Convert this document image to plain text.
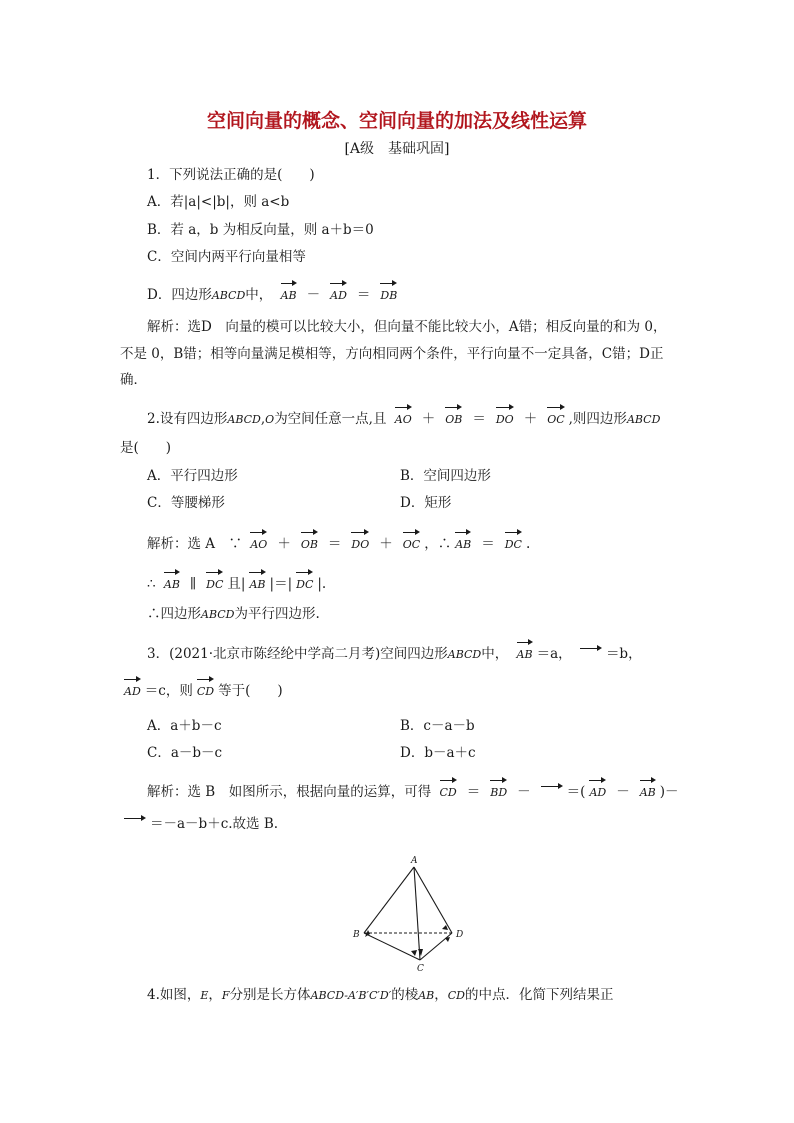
空间向量的概念、空间向量的加法及线性运算
[A级　基础巩固]
1．下列说法正确的是(　　)
A．若|a|<|b|，则 a<b
B．若 a，b 为相反向量，则 a＋b＝0
C．空间内两平行向量相等
D．四边形ABCD中， AB － AD ＝ DB
解析：选D　向量的模可以比较大小，但向量不能比较大小，A错；相反向量的和为 0，
不是 0，B错；相等向量满足模相等，方向相同两个条件，平行向量不一定具备，C错；D正
确．
2.设有四边形ABCD,O为空间任意一点,且 AO ＋ OB ＝ DO ＋ OC ,则四边形ABCD
是(　　)
A．平行四边形	B．空间四边形
C．等腰梯形	D．矩形
解析：选 A　∵ AO ＋ OB ＝ DO ＋ OC ，∴ AB ＝ DC .
∴ AB ∥ DC 且| AB |＝| DC |.
∴四边形ABCD为平行四边形.
3．(2021·北京市陈经纶中学高二月考)空间四边形ABCD中， AB ＝a，	＝b，
AD ＝c，则 CD 等于(　　)
A．a＋b－c	B．c－a－b
C．a－b－c	D．b－a＋c
解析：选 B　如图所示，根据向量的运算，可得 CD ＝ BD －	＝( AD － AB )－
＝－a－b＋c.故选 B.
A
B
C
D
4.如图，E，F分别是长方体ABCD-A′B′C′D′的棱AB，CD的中点．化简下列结果正
